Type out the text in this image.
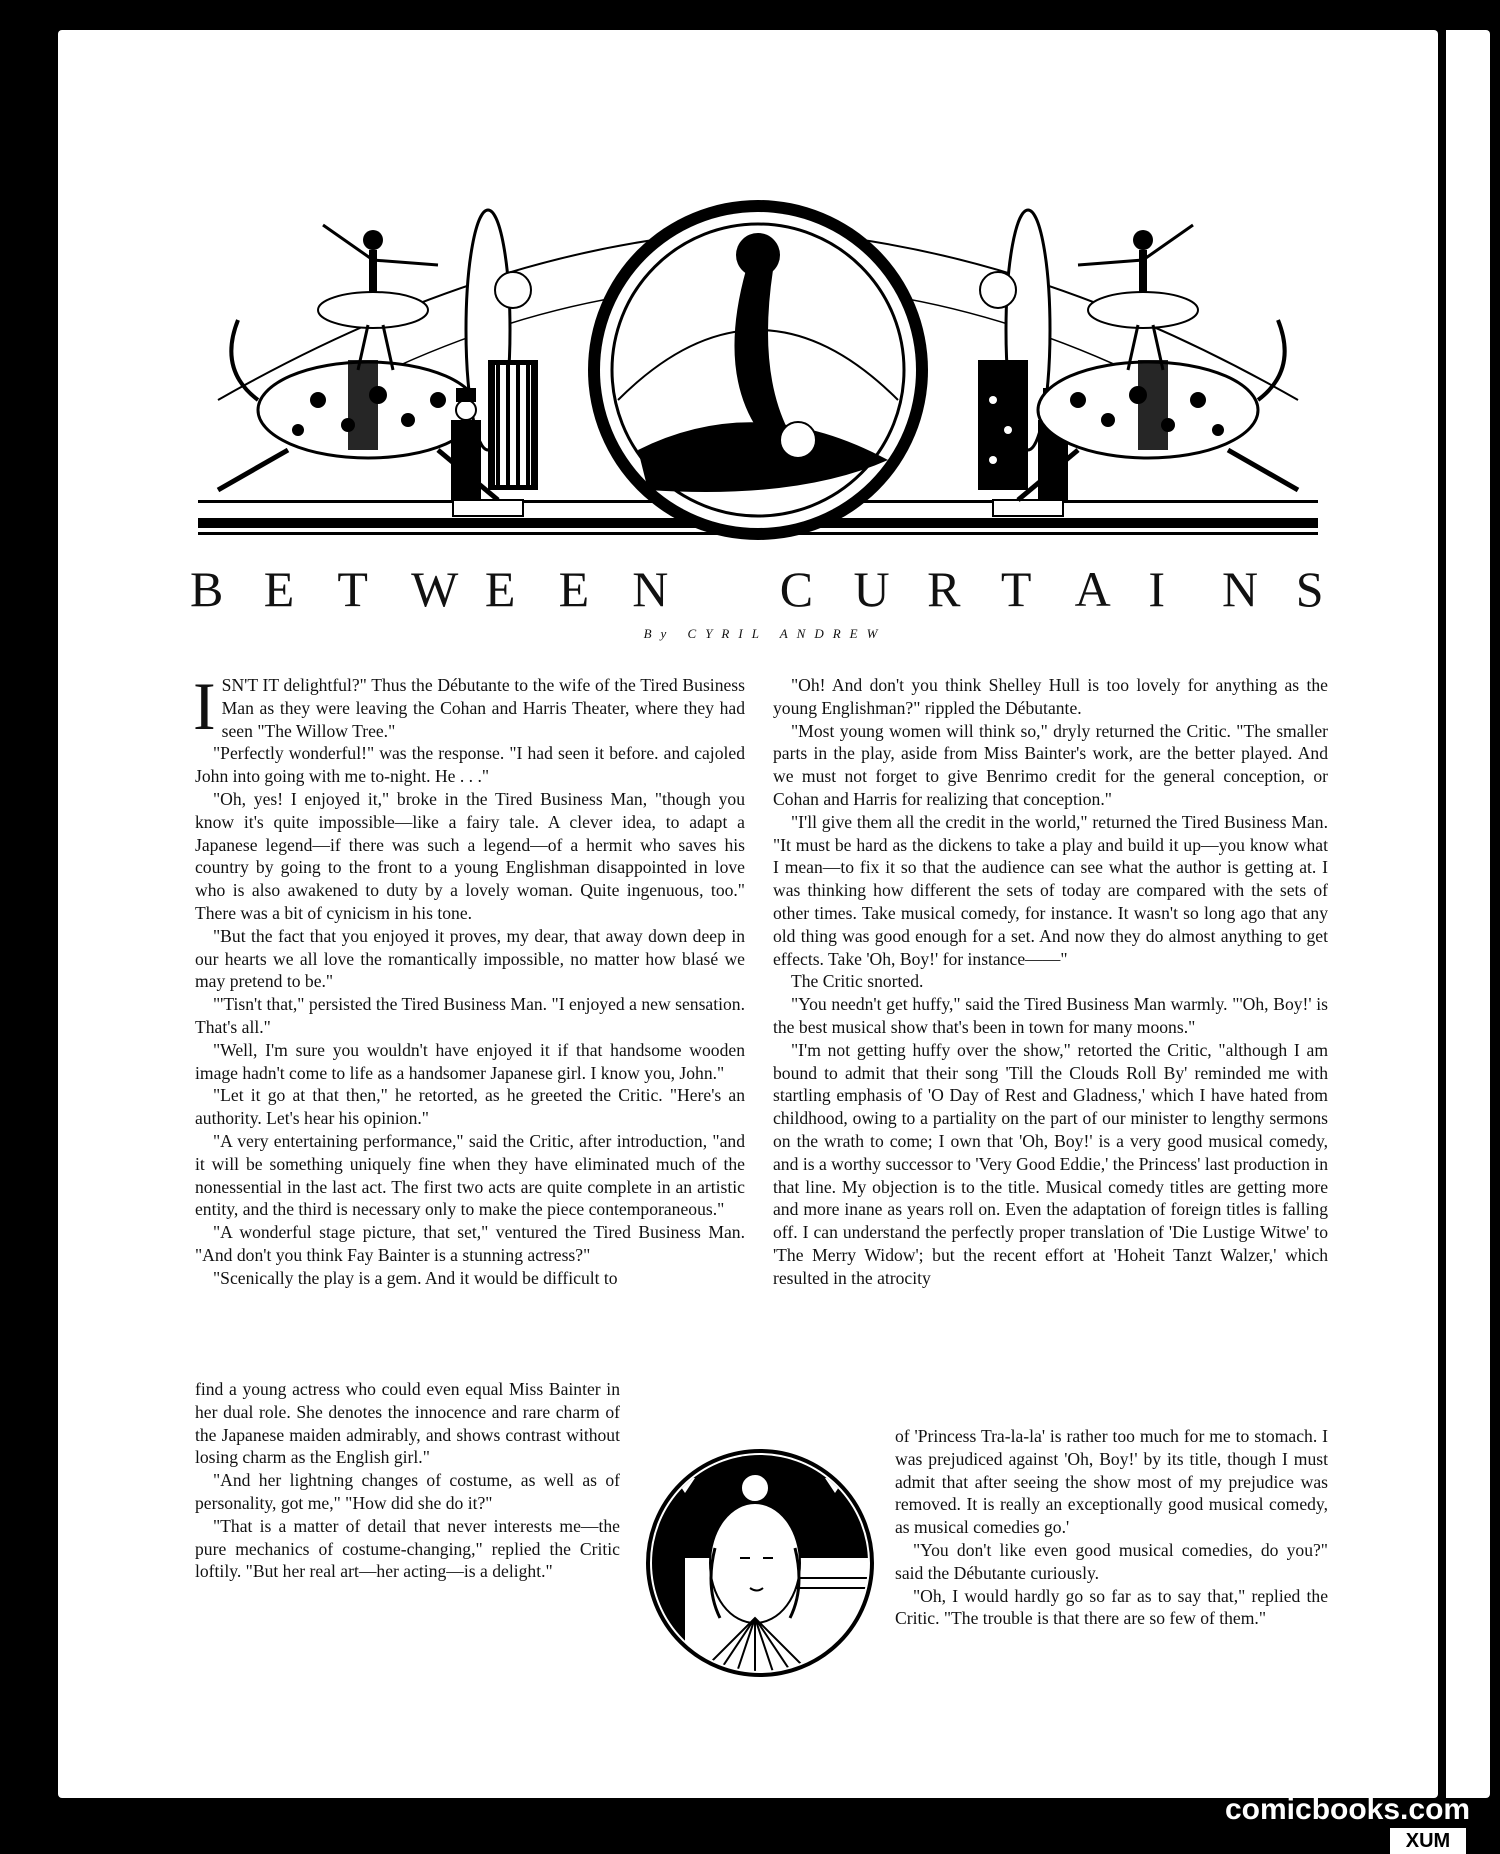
B E T W E E N C U R T A I N S
By CYRIL ANDREW

ISN'T IT delightful?" Thus the Débutante to the wife of the Tired Business Man as they were leaving the Cohan and Harris Theater, where they had seen "The Willow Tree."

"Perfectly wonderful!" was the response. "I had seen it before. and cajoled John into going with me to-night. He . . ."

"Oh, yes! I enjoyed it," broke in the Tired Business Man, "though you know it's quite impossible—like a fairy tale. A clever idea, to adapt a Japanese legend—if there was such a legend—of a hermit who saves his country by going to the front to a young Englishman disappointed in love who is also awakened to duty by a lovely woman. Quite ingenuous, too." There was a bit of cynicism in his tone.

"But the fact that you enjoyed it proves, my dear, that away down deep in our hearts we all love the romantically impossible, no matter how blasé we may pretend to be."

"'Tisn't that," persisted the Tired Business Man. "I enjoyed a new sensation. That's all."

"Well, I'm sure you wouldn't have enjoyed it if that handsome wooden image hadn't come to life as a handsomer Japanese girl. I know you, John."

"Let it go at that then," he retorted, as he greeted the Critic. "Here's an authority. Let's hear his opinion."

"A very entertaining performance," said the Critic, after introduction, "and it will be something uniquely fine when they have eliminated much of the nonessential in the last act. The first two acts are quite complete in an artistic entity, and the third is necessary only to make the piece contemporaneous."

"A wonderful stage picture, that set," ventured the Tired Business Man. "And don't you think Fay Bainter is a stunning actress?"

"Scenically the play is a gem. And it would be difficult to

find a young actress who could even equal Miss Bainter in her dual role. She denotes the innocence and rare charm of the Japanese maiden admirably, and shows contrast without losing charm as the English girl."

"And her lightning changes of costume, as well as of personality, got me," "How did she do it?"

"That is a matter of detail that never interests me—the pure mechanics of costume-changing," replied the Critic loftily. "But her real art—her acting—is a delight."

"Oh! And don't you think Shelley Hull is too lovely for anything as the young Englishman?" rippled the Débutante.

"Most young women will think so," dryly returned the Critic. "The smaller parts in the play, aside from Miss Bainter's work, are the better played. And we must not forget to give Benrimo credit for the general conception, or Cohan and Harris for realizing that conception."

"I'll give them all the credit in the world," returned the Tired Business Man. "It must be hard as the dickens to take a play and build it up—you know what I mean—to fix it so that the audience can see what the author is getting at. I was thinking how different the sets of today are compared with the sets of other times. Take musical comedy, for instance. It wasn't so long ago that any old thing was good enough for a set. And now they do almost anything to get effects. Take 'Oh, Boy!' for instance——"

The Critic snorted.

"You needn't get huffy," said the Tired Business Man warmly. "'Oh, Boy!' is the best musical show that's been in town for many moons."

"I'm not getting huffy over the show," retorted the Critic, "although I am bound to admit that their song 'Till the Clouds Roll By' reminded me with startling emphasis of 'O Day of Rest and Gladness,' which I have hated from childhood, owing to a partiality on the part of our minister to lengthy sermons on the wrath to come; I own that 'Oh, Boy!' is a very good musical comedy, and is a worthy successor to 'Very Good Eddie,' the Princess' last production in that line. My objection is to the title. Musical comedy titles are getting more and more inane as years roll on. Even the adaptation of foreign titles is falling off. I can understand the perfectly proper translation of 'Die Lustige Witwe' to 'The Merry Widow'; but the recent effort at 'Hoheit Tanzt Walzer,' which resulted in the atrocity

of 'Princess Tra-la-la' is rather too much for me to stomach. I was prejudiced against 'Oh, Boy!' by its title, though I must admit that after seeing the show most of my prejudice was removed. It is really an exceptionally good musical comedy, as musical comedies go.'

"You don't like even good musical comedies, do you?" said the Débutante curiously.

"Oh, I would hardly go so far as to say that," replied the Critic. "The trouble is that there are so few of them."

comicbooks.com
XUM
